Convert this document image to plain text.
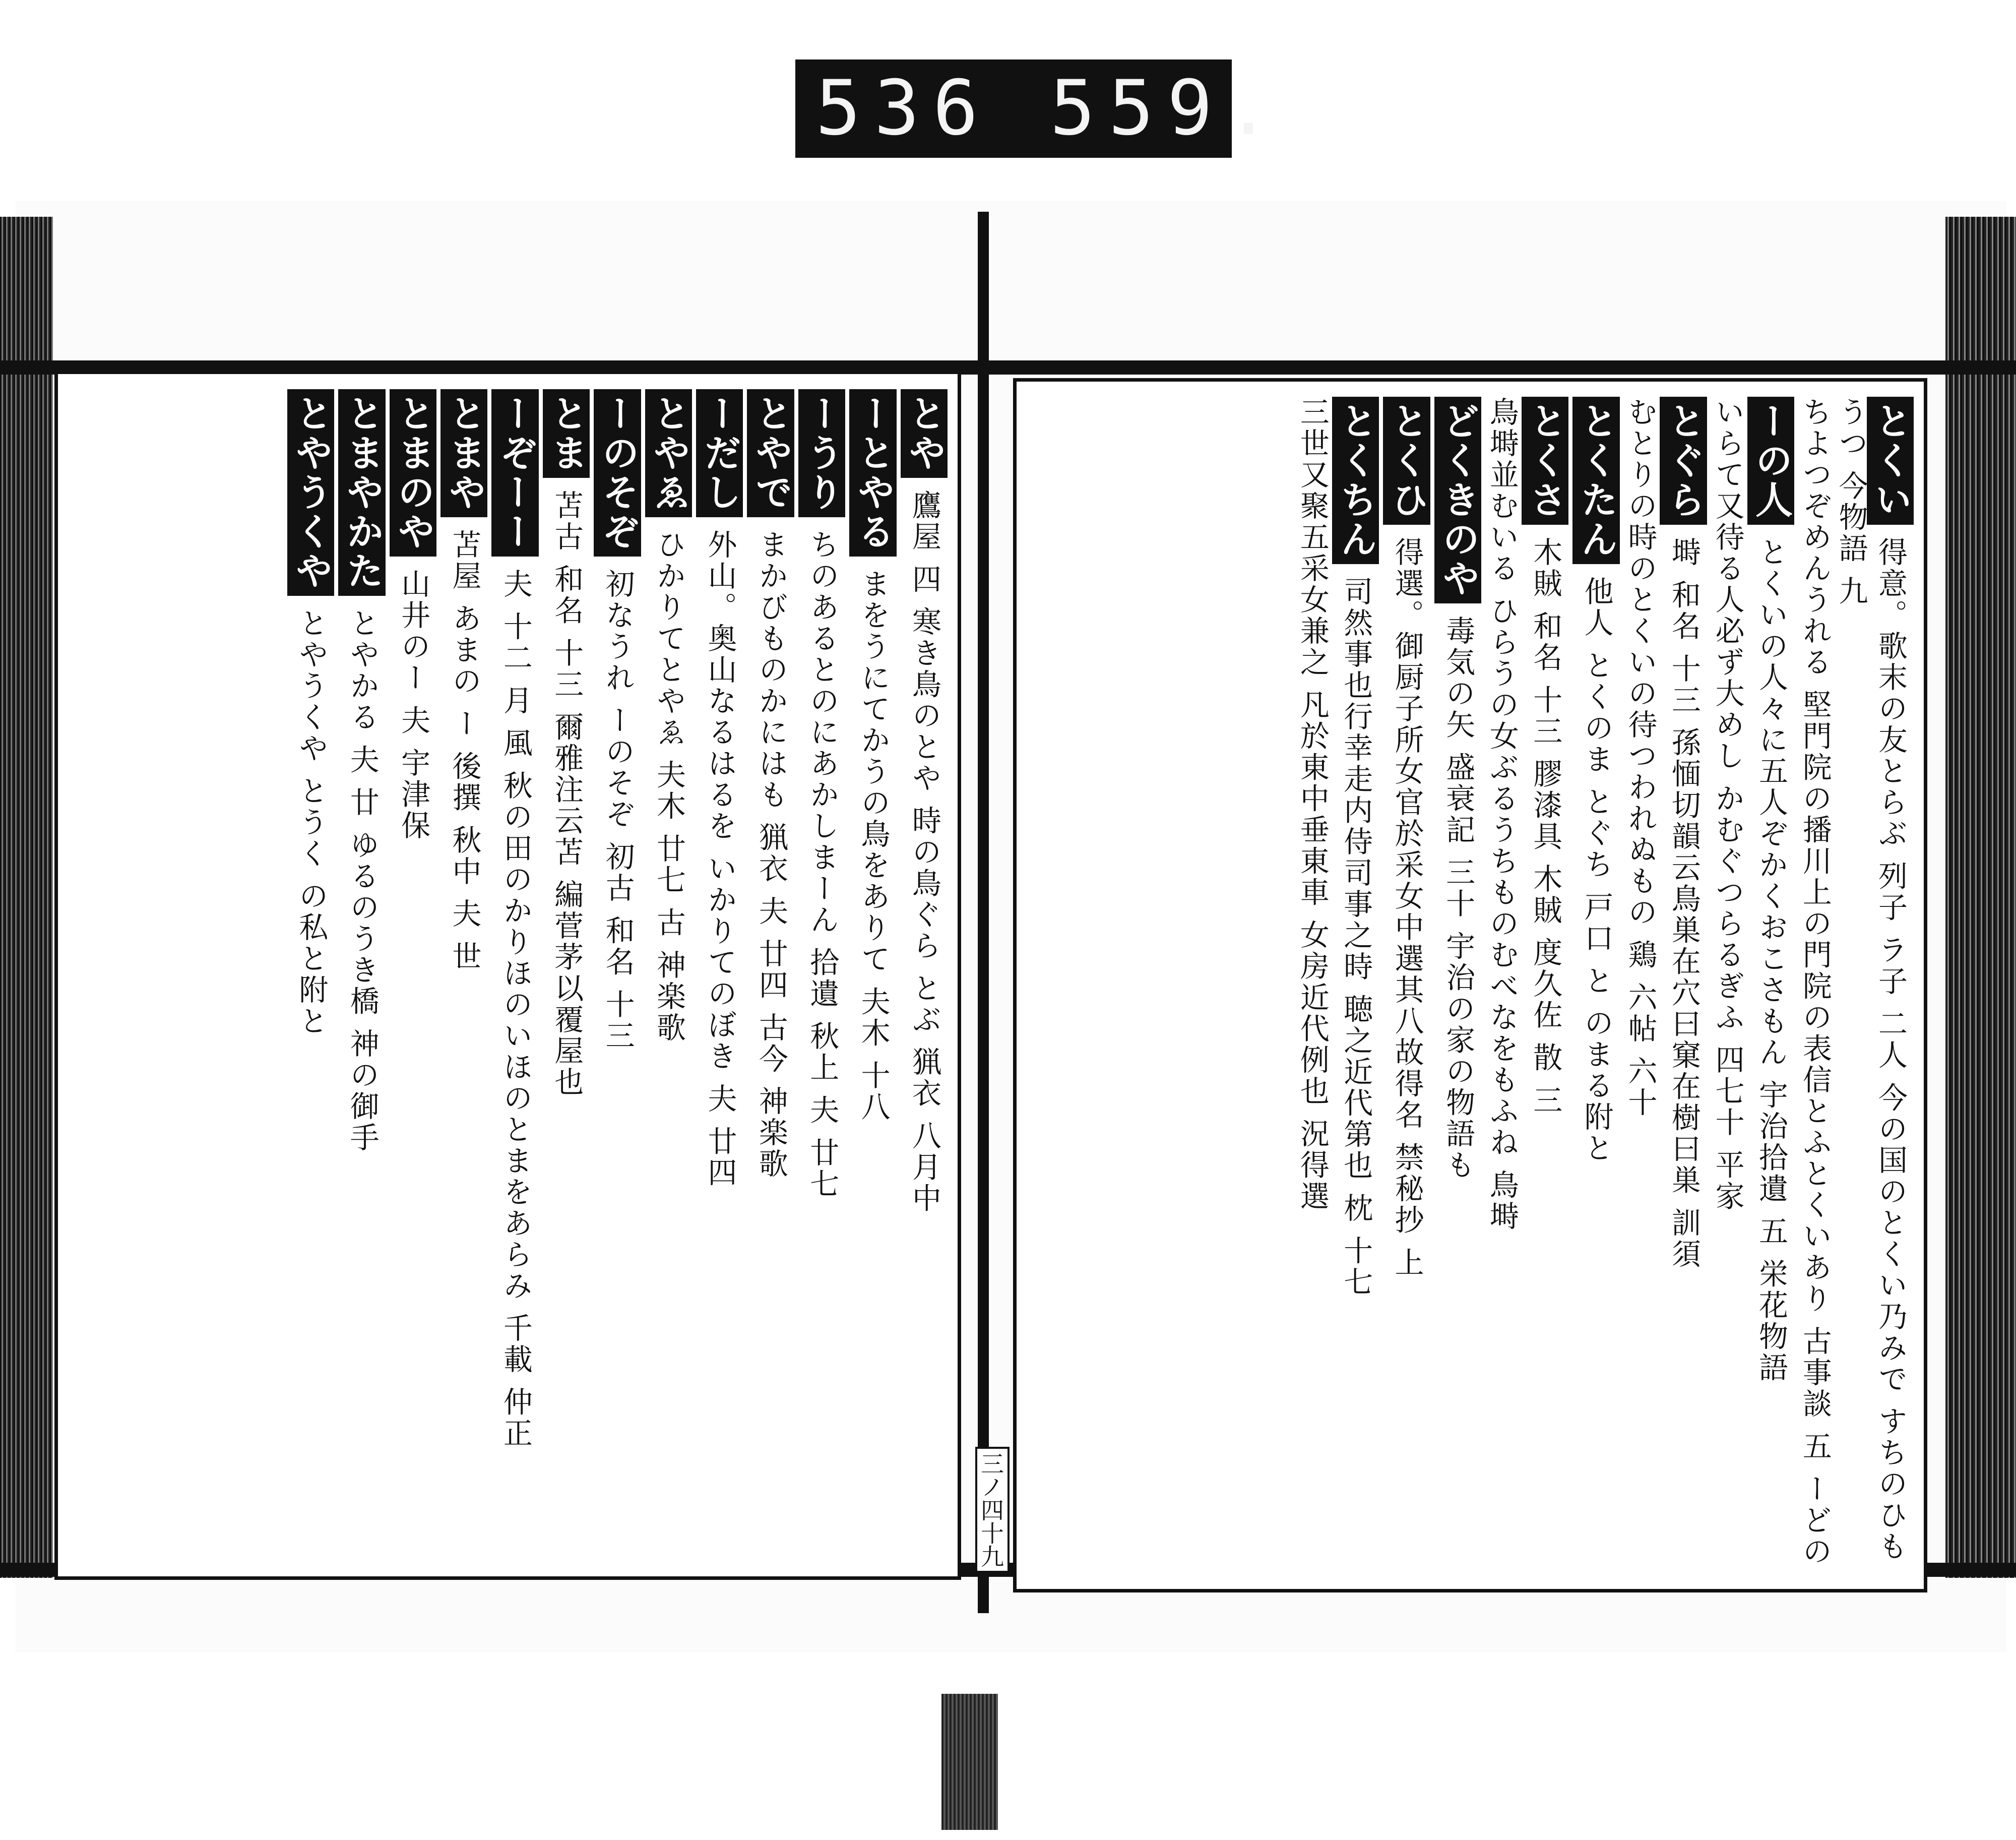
536 559.
とや鷹屋 四 寒き鳥のとや 時の鳥ぐら とぶ 猟衣 八月中
ーとやるまをうにてかうの鳥をありて 夫木 十八
ーうりちのあるとのにあかしまーん 拾遺 秋上 夫 廿七
とやでまかびものかにはも 猟衣 夫 廿四 古今 神楽歌
ーだし外山。奥山なるはるを いかりてのぼき 夫 廿四
とやゑひかりてとやゑ 夫木 廿七 古 神楽歌
ーのそぞ初なうれ ーのそぞ 初古 和名 十三
とま苫古 和名 十三 爾雅注云苫 編菅茅以覆屋也
ーぞーー夫 十二 月 風 秋の田のかりほのいほのとまをあらみ 千載 仲正
とまや苫屋 あまの ー 後撰 秋中 夫 世
とまのや山井のー 夫 宇津保
とまやかたとやかる 夫 廿 ゆるのうき橋 神の御手
とやうくやとやうくや とうく の私と附と
とくい得意。歌末の友とらぶ 列子 ラ子 二人 今の国のとくい乃みで すちのひもうつ 今物語 九
ちよつぞめんうれる 堅門院の播川上の門院の表信とふとくいあり 古事談 五 ーどの
ーの人とくいの人々に五人ぞかくおこさもん 宇治拾遺 五 栄花物語
いらて又待る人必ず大めし かむぐつらるぎふ 四七十 平家
とぐら塒 和名 十三 孫愐切韻云鳥巣在穴曰窠在樹曰巣 訓須
むとりの時のとくいの待つわれぬもの 鶏 六帖 六十
とくたん他人 とくのま とぐち 戸口 と のまる附と
とくさ木賊 和名 十三 膠漆具 木賊 度久佐 散 三
鳥塒並むいる ひらうの女ぶるうちものむべなをもふね 鳥塒
どくきのや毒気の矢 盛衰記 三十 宇治の家の物語も
とくひ得選。御厨子所女官於采女中選其八故得名 禁秘抄 上
とくちん司然事也行幸走内侍司事之時 聴之近代第也 枕 十七
三世又聚五采女兼之 凡於東中垂東車 女房近代例也 況得選
三ノ四十九
